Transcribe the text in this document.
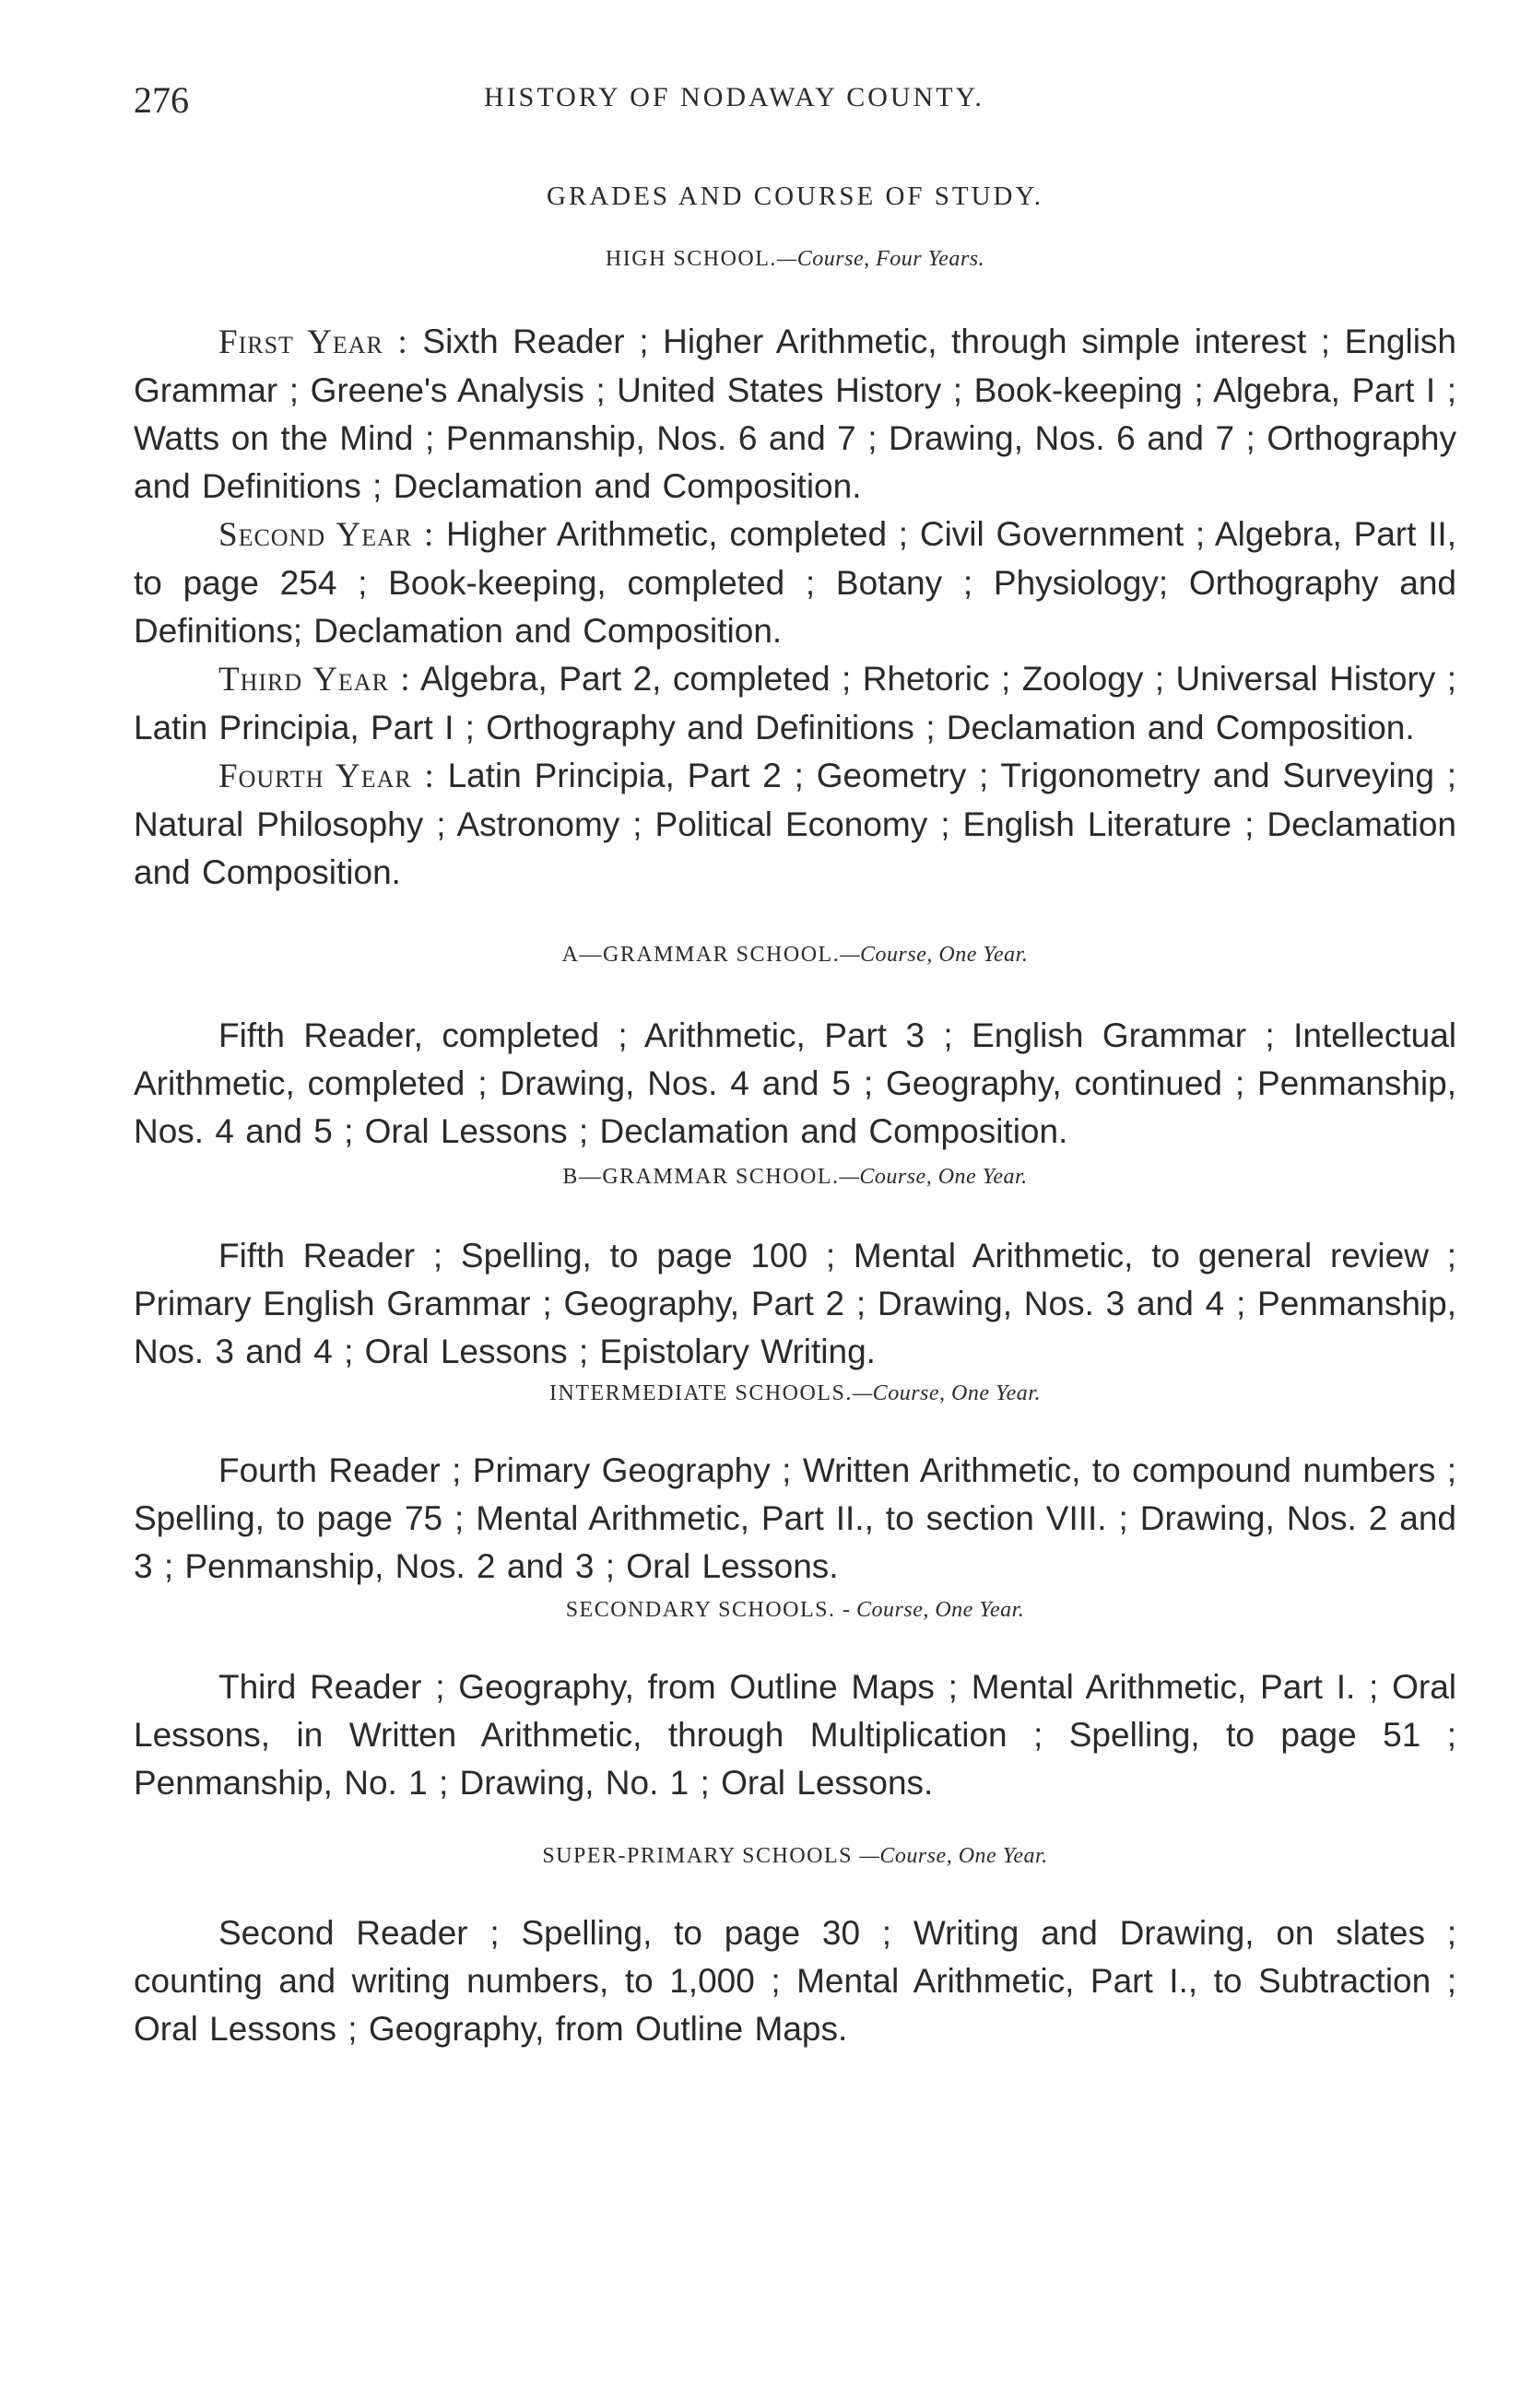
276	HISTORY OF NODAWAY COUNTY.

GRADES AND COURSE OF STUDY.

HIGH SCHOOL.—Course, Four Years.

First Year : Sixth Reader ; Higher Arithmetic, through simple interest ; English Grammar ; Greene's Analysis ; United States History ; Book-keeping ; Algebra, Part I ; Watts on the Mind ; Penmanship, Nos. 6 and 7 ; Drawing, Nos. 6 and 7 ; Orthography and Definitions ; Declamation and Composition.

Second Year : Higher Arithmetic, completed ; Civil Government ; Algebra, Part II, to page 254 ; Book-keeping, completed ; Botany ; Physiology; Orthography and Definitions; Declamation and Composition.

Third Year : Algebra, Part 2, completed ; Rhetoric ; Zoology ; Universal History ; Latin Principia, Part I ; Orthography and Definitions ; Declamation and Composition.

Fourth Year : Latin Principia, Part 2 ; Geometry ; Trigonometry and Surveying ; Natural Philosophy ; Astronomy ; Political Economy ; English Literature ; Declamation and Composition.

A—GRAMMAR SCHOOL.—Course, One Year.

Fifth Reader, completed ; Arithmetic, Part 3 ; English Grammar ; Intellectual Arithmetic, completed ; Drawing, Nos. 4 and 5 ; Geography, continued ; Penmanship, Nos. 4 and 5 ; Oral Lessons ; Declamation and Composition.

B—GRAMMAR SCHOOL.—Course, One Year.

Fifth Reader ; Spelling, to page 100 ; Mental Arithmetic, to general review ; Primary English Grammar ; Geography, Part 2 ; Drawing, Nos. 3 and 4 ; Penmanship, Nos. 3 and 4 ; Oral Lessons ; Epistolary Writing.

INTERMEDIATE SCHOOLS.—Course, One Year.

Fourth Reader ; Primary Geography ; Written Arithmetic, to compound numbers ; Spelling, to page 75 ; Mental Arithmetic, Part II., to section VIII. ; Drawing, Nos. 2 and 3 ; Penmanship, Nos. 2 and 3 ; Oral Lessons.

SECONDARY SCHOOLS. - Course, One Year.

Third Reader ; Geography, from Outline Maps ; Mental Arithmetic, Part I. ; Oral Lessons, in Written Arithmetic, through Multiplication ; Spelling, to page 51 ; Penmanship, No. 1 ; Drawing, No. 1 ; Oral Lessons.

SUPER-PRIMARY SCHOOLS —Course, One Year.

Second Reader ; Spelling, to page 30 ; Writing and Drawing, on slates ; counting and writing numbers, to 1,000 ; Mental Arithmetic, Part I., to Subtraction ; Oral Lessons ; Geography, from Outline Maps.
